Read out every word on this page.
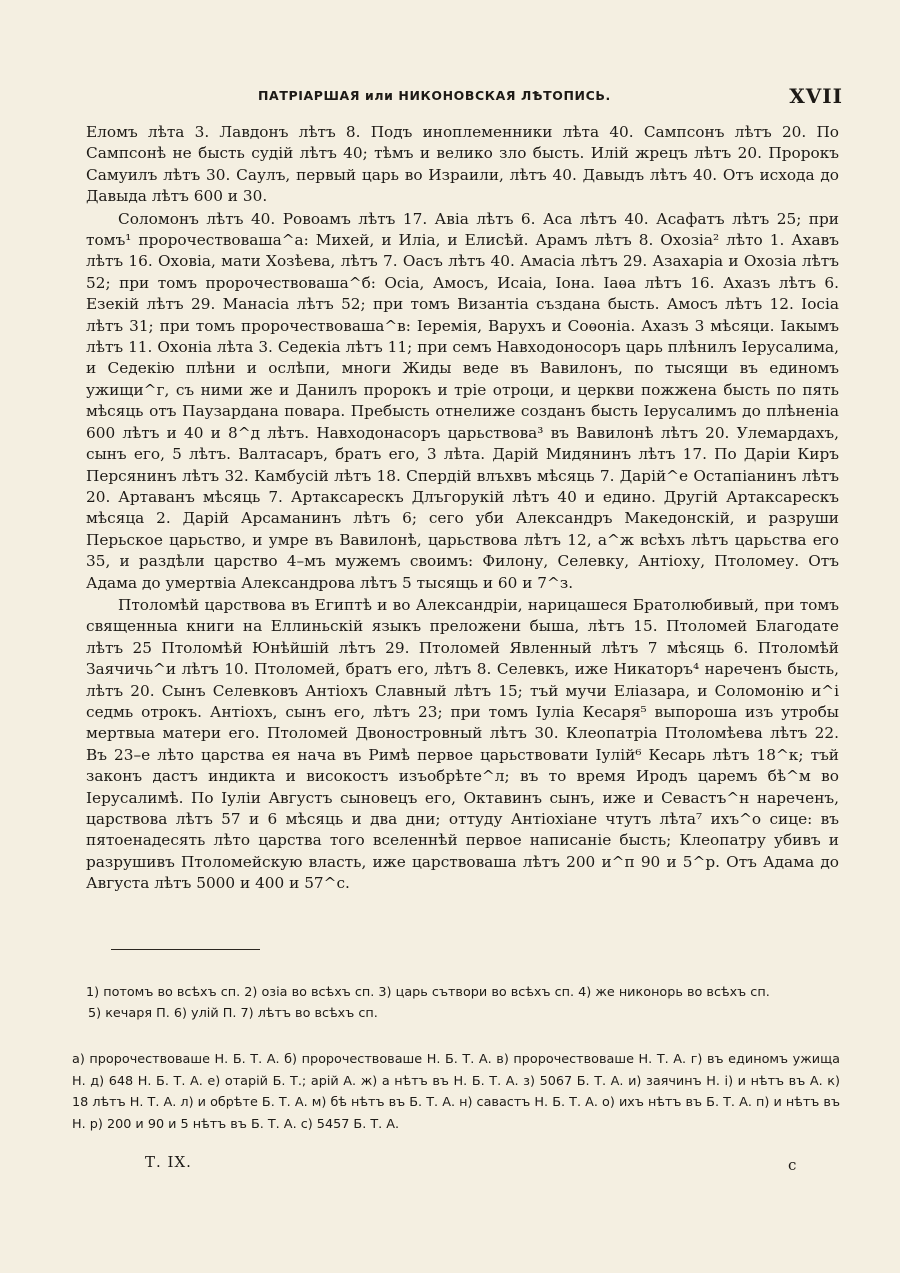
ПАТРІАРШАЯ или НИКОНОВСКАЯ ЛѢТОПИСЬ.	XVII

Еломъ лѣта 3. Лавдонъ лѣтъ 8. Подъ иноплеменники лѣта 40. Сампсонъ лѣтъ 20. По Сампсонѣ не бысть судій лѣтъ 40; тѣмъ и велико зло бысть. Илій жрецъ лѣтъ 20. Пророкъ Самуилъ лѣтъ 30. Саулъ, первый царь во Израили, лѣтъ 40. Давыдъ лѣтъ 40. Отъ исхода до Давыда лѣтъ 600 и 30.

Соломонъ лѣтъ 40. Ровоамъ лѣтъ 17. Авіа лѣтъ 6. Аса лѣтъ 40. Асафатъ лѣтъ 25; при томъ¹ пророчествоваша^а: Михей, и Иліа, и Елисѣй. Арамъ лѣтъ 8. Охозіа² лѣто 1. Ахавъ лѣтъ 16. Оховіа, мати Хозѣева, лѣтъ 7. Оасъ лѣтъ 40. Амасіа лѣтъ 29. Азахаріа и Охозіа лѣтъ 52; при томъ пророчествоваша^б: Осіа, Амосъ, Исаіа, Іона. Іаѳа лѣтъ 16. Ахазъ лѣтъ 6. Езекій лѣтъ 29. Манасіа лѣтъ 52; при томъ Византіа създана бысть. Амосъ лѣтъ 12. Іосіа лѣтъ 31; при томъ пророчествоваша^в: Іеремія, Варухъ и Соѳоніа. Ахазъ 3 мѣсяци. Іакымъ лѣтъ 11. Охоніа лѣта 3. Седекіа лѣтъ 11; при семъ Навходоносоръ царь плѣнилъ Іерусалима, и Седекію плѣни и ослѣпи, многи Жиды веде въ Вавилонъ, по тысящи въ единомъ ужищи^г, съ ними же и Данилъ пророкъ и тріе отроци, и церкви пожжена бысть по пять мѣсяць отъ Паузардана повара. Пребысть отнелиже созданъ бысть Іерусалимъ до плѣненіа 600 лѣтъ и 40 и 8^д лѣтъ. Навходонасоръ царьствова³ въ Вавилонѣ лѣтъ 20. Улемардахъ, сынъ его, 5 лѣтъ. Валтасаръ, братъ его, 3 лѣта. Дарій Мидянинъ лѣтъ 17. По Даріи Киръ Персянинъ лѣтъ 32. Камбусій лѣтъ 18. Спердій влъхвъ мѣсяць 7. Дарій^е Остапіанинъ лѣтъ 20. Артаванъ мѣсяць 7. Артаксарескъ Длъгорукій лѣтъ 40 и едино. Другій Артаксарескъ мѣсяца 2. Дарій Арсаманинъ лѣтъ 6; сего уби Александръ Македонскій, и разруши Перьское царьство, и умре въ Вавилонѣ, царьствова лѣтъ 12, а^ж всѣхъ лѣтъ царьства его 35, и раздѣли царство 4–мъ мужемъ своимъ: Филону, Селевку, Антіоху, Птоломеу. Отъ Адама до умертвіа Александрова лѣтъ 5 тысящь и 60 и 7^з.

Птоломѣй царствова въ Египтѣ и во Александріи, нарицашеся Братолюбивый, при томъ священныа книги на Еллиньскій языкъ преложени быша, лѣтъ 15. Птоломей Благодате лѣтъ 25 Птоломѣй Юнѣйшій лѣтъ 29. Птоломей Явленный лѣтъ 7 мѣсяць 6. Птоломѣй Заячичь^и лѣтъ 10. Птоломей, братъ его, лѣтъ 8. Селевкъ, иже Никаторъ⁴ нареченъ бысть, лѣтъ 20. Сынъ Селевковъ Антіохъ Славный лѣтъ 15; тъй мучи Еліазара, и Соломонію и^і седмь отрокъ. Антіохъ, сынъ его, лѣтъ 23; при томъ Іуліа Кесаря⁵ выпороша изъ утробы мертвыа матери его. Птоломей Двоностровный лѣтъ 30. Клеопатріа Птоломѣева лѣтъ 22. Въ 23–е лѣто царства ея нача въ Римѣ первое царьствовати Іулій⁶ Кесарь лѣтъ 18^к; тъй законъ дастъ индикта и високостъ изъобрѣте^л; въ то время Иродъ царемъ бѣ^м во Іерусалимѣ. По Іуліи Августъ сыновецъ его, Октавинъ сынъ, иже и Севастъ^н нареченъ, царствова лѣтъ 57 и 6 мѣсяць и два дни; оттуду Антіохіане чтутъ лѣта⁷ ихъ^о сице: въ пятоенадесять лѣто царства того вселеннѣй первое написаніе бысть; Клеопатру убивъ и разрушивъ Птоломейскую власть, иже царствоваша лѣтъ 200 и^п 90 и 5^р. Отъ Адама до Августа лѣтъ 5000 и 400 и 57^с.

1) потомъ во всѣхъ сп. 2) озіа во всѣхъ сп. 3) царь сътвори во всѣхъ сп. 4) же никонорь во всѣхъ сп.

5) кечаря П. 6) улій П. 7) лѣтъ во всѣхъ сп.

а) пророчествоваше Н. Б. Т. А. б) пророчествоваше Н. Б. Т. А. в) пророчествоваше Н. Т. А. г) въ единомъ ужища Н. д) 648 Н. Б. Т. А. е) отарій Б. Т.; арій А. ж) а нѣтъ въ Н. Б. Т. А. з) 5067 Б. Т. А. и) заячинъ Н. і) и нѣтъ въ А. к) 18 лѣтъ Н. Т. А. л) и обрѣте Б. Т. А. м) бѣ нѣтъ въ Б. Т. А. н) савастъ Н. Б. Т. А. о) ихъ нѣтъ въ Б. Т. А. п) и нѣтъ въ Н. р) 200 и 90 и 5 нѣтъ въ Б. Т. А. с) 5457 Б. Т. А.

Т. IX.	с
